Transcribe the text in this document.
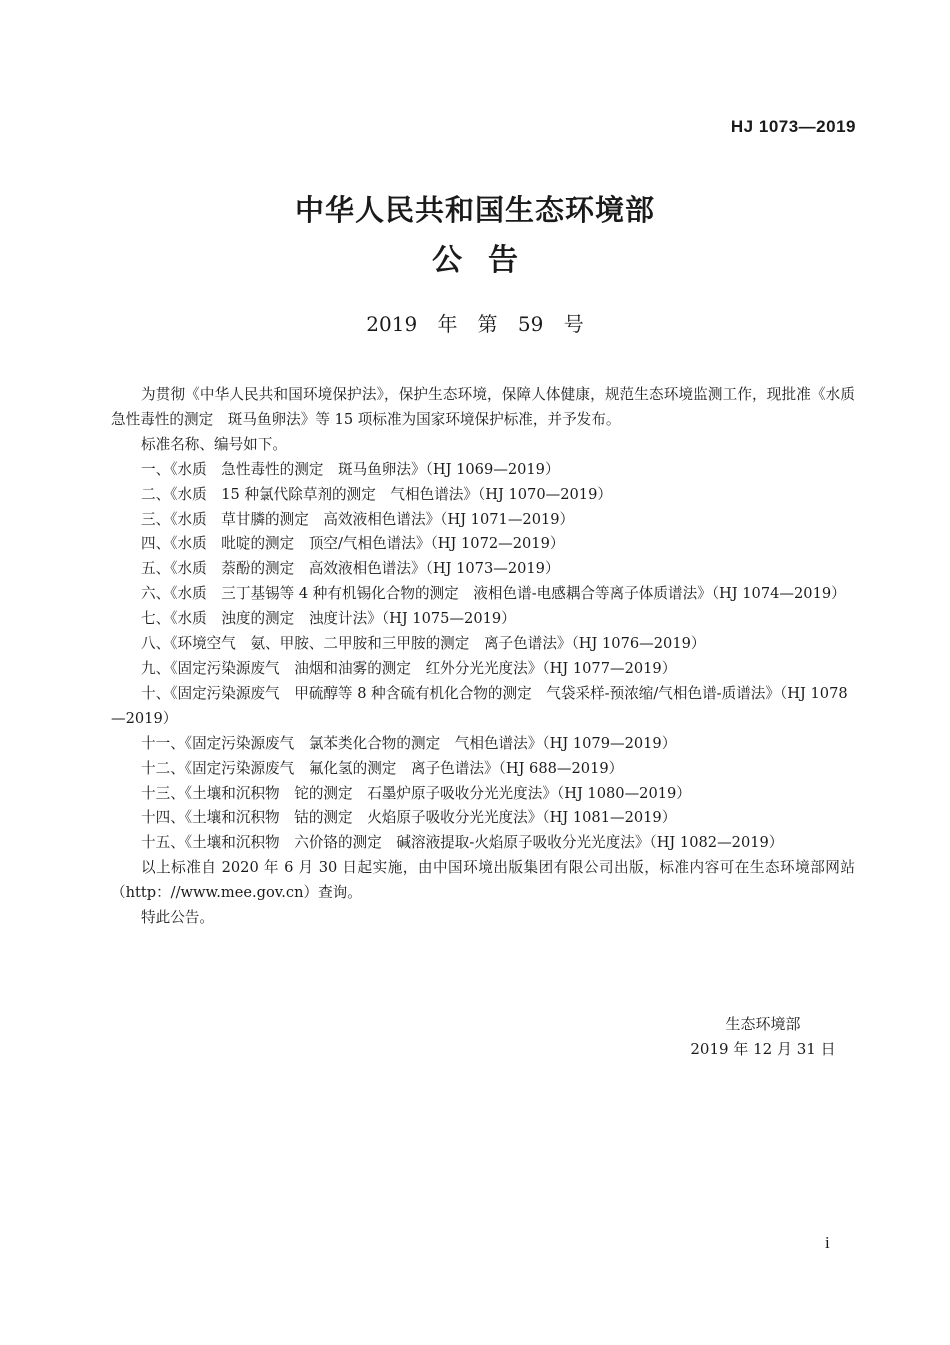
HJ 1073—2019
中华人民共和国生态环境部
公告
2019 年　第 59 号

为贯彻《中华人民共和国环境保护法》，保护生态环境，保障人体健康，规范生态环境监测工作，现批准《水质　急性毒性的测定　斑马鱼卵法》等 15 项标准为国家环境保护标准，并予发布。

标准名称、编号如下。

一、《水质　急性毒性的测定　斑马鱼卵法》（HJ 1069—2019）

二、《水质　15 种氯代除草剂的测定　气相色谱法》（HJ 1070—2019）

三、《水质　草甘膦的测定　高效液相色谱法》（HJ 1071—2019）

四、《水质　吡啶的测定　顶空/气相色谱法》（HJ 1072—2019）

五、《水质　萘酚的测定　高效液相色谱法》（HJ 1073—2019）

六、《水质　三丁基锡等 4 种有机锡化合物的测定　液相色谱-电感耦合等离子体质谱法》（HJ 1074—2019）

七、《水质　浊度的测定　浊度计法》（HJ 1075—2019）

八、《环境空气　氨、甲胺、二甲胺和三甲胺的测定　离子色谱法》（HJ 1076—2019）

九、《固定污染源废气　油烟和油雾的测定　红外分光光度法》（HJ 1077—2019）

十、《固定污染源废气　甲硫醇等 8 种含硫有机化合物的测定　气袋采样-预浓缩/气相色谱-质谱法》（HJ 1078—2019）

十一、《固定污染源废气　氯苯类化合物的测定　气相色谱法》（HJ 1079—2019）

十二、《固定污染源废气　氟化氢的测定　离子色谱法》（HJ 688—2019）

十三、《土壤和沉积物　铊的测定　石墨炉原子吸收分光光度法》（HJ 1080—2019）

十四、《土壤和沉积物　钴的测定　火焰原子吸收分光光度法》（HJ 1081—2019）

十五、《土壤和沉积物　六价铬的测定　碱溶液提取-火焰原子吸收分光光度法》（HJ 1082—2019）

以上标准自 2020 年 6 月 30 日起实施，由中国环境出版集团有限公司出版，标准内容可在生态环境部网站（http：//www.mee.gov.cn）查询。

特此公告。

生态环境部
2019 年 12 月 31 日
i
